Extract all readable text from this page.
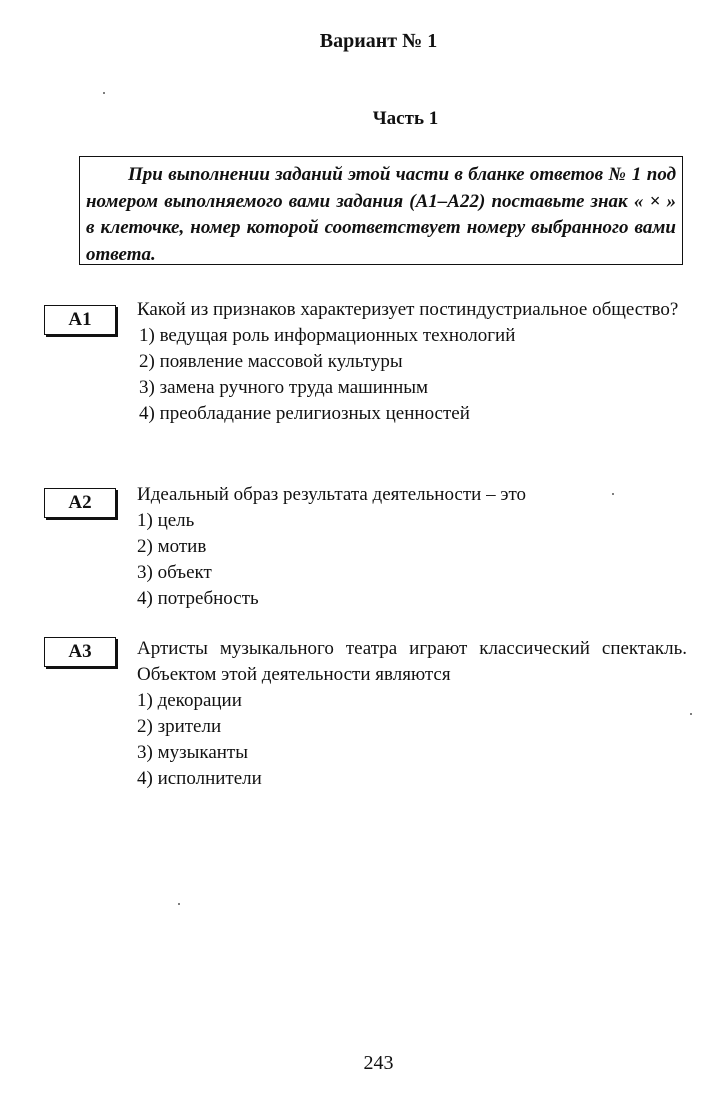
Вариант № 1
Часть 1
При выполнении заданий этой части в бланке ответов № 1 под номером выполняемого вами задания (А1–А22) поставьте знак « × » в клеточке, номер которой соответствует номеру выбранного вами ответа.
А1	Какой из признаков характеризует постиндустриальное общество?
1) ведущая роль информационных технологий
2) появление массовой культуры
3) замена ручного труда машинным
4) преобладание религиозных ценностей
А2	Идеальный образ результата деятельности – это
1) цель
2) мотив
3) объект
4) потребность
А3	Артисты музыкального театра играют классический спектакль. Объектом этой деятельности являются
1) декорации
2) зрители
3) музыканты
4) исполнители
243
